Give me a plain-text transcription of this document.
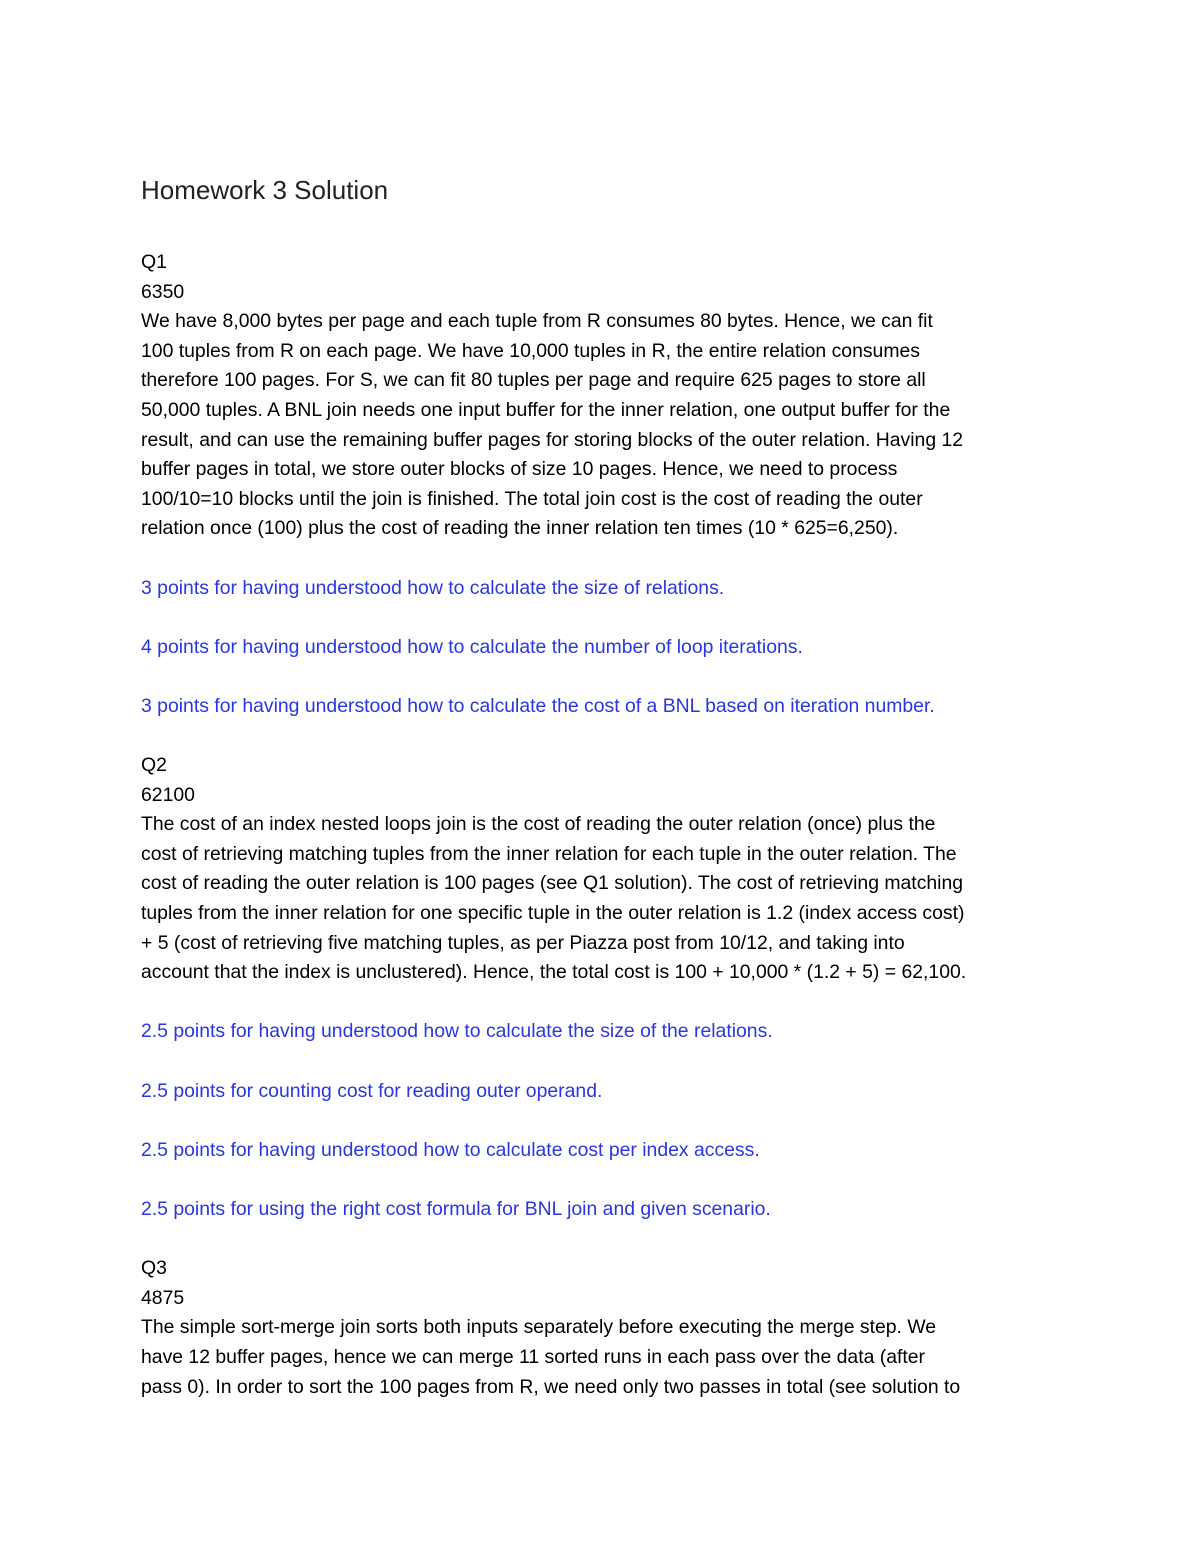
Homework 3 Solution

Q1

6350

We have 8,000 bytes per page and each tuple from R consumes 80 bytes. Hence, we can fit
100 tuples from R on each page. We have 10,000 tuples in R, the entire relation consumes
therefore 100 pages. For S, we can fit 80 tuples per page and require 625 pages to store all
50,000 tuples. A BNL join needs one input buffer for the inner relation, one output buffer for the
result, and can use the remaining buffer pages for storing blocks of the outer relation. Having 12
buffer pages in total, we store outer blocks of size 10 pages. Hence, we need to process
100/10=10 blocks until the join is finished. The total join cost is the cost of reading the outer
relation once (100) plus the cost of reading the inner relation ten times (10 * 625=6,250).

3 points for having understood how to calculate the size of relations.

4 points for having understood how to calculate the number of loop iterations.

3 points for having understood how to calculate the cost of a BNL based on iteration number.

Q2

62100

The cost of an index nested loops join is the cost of reading the outer relation (once) plus the
cost of retrieving matching tuples from the inner relation for each tuple in the outer relation. The
cost of reading the outer relation is 100 pages (see Q1 solution). The cost of retrieving matching
tuples from the inner relation for one specific tuple in the outer relation is 1.2 (index access cost)
+ 5 (cost of retrieving five matching tuples, as per Piazza post from 10/12, and taking into
account that the index is unclustered). Hence, the total cost is 100 + 10,000 * (1.2 + 5) = 62,100.

2.5 points for having understood how to calculate the size of the relations.

2.5 points for counting cost for reading outer operand.

2.5 points for having understood how to calculate cost per index access.

2.5 points for using the right cost formula for BNL join and given scenario.

Q3

4875

The simple sort-merge join sorts both inputs separately before executing the merge step. We
have 12 buffer pages, hence we can merge 11 sorted runs in each pass over the data (after
pass 0). In order to sort the 100 pages from R, we need only two passes in total (see solution to
